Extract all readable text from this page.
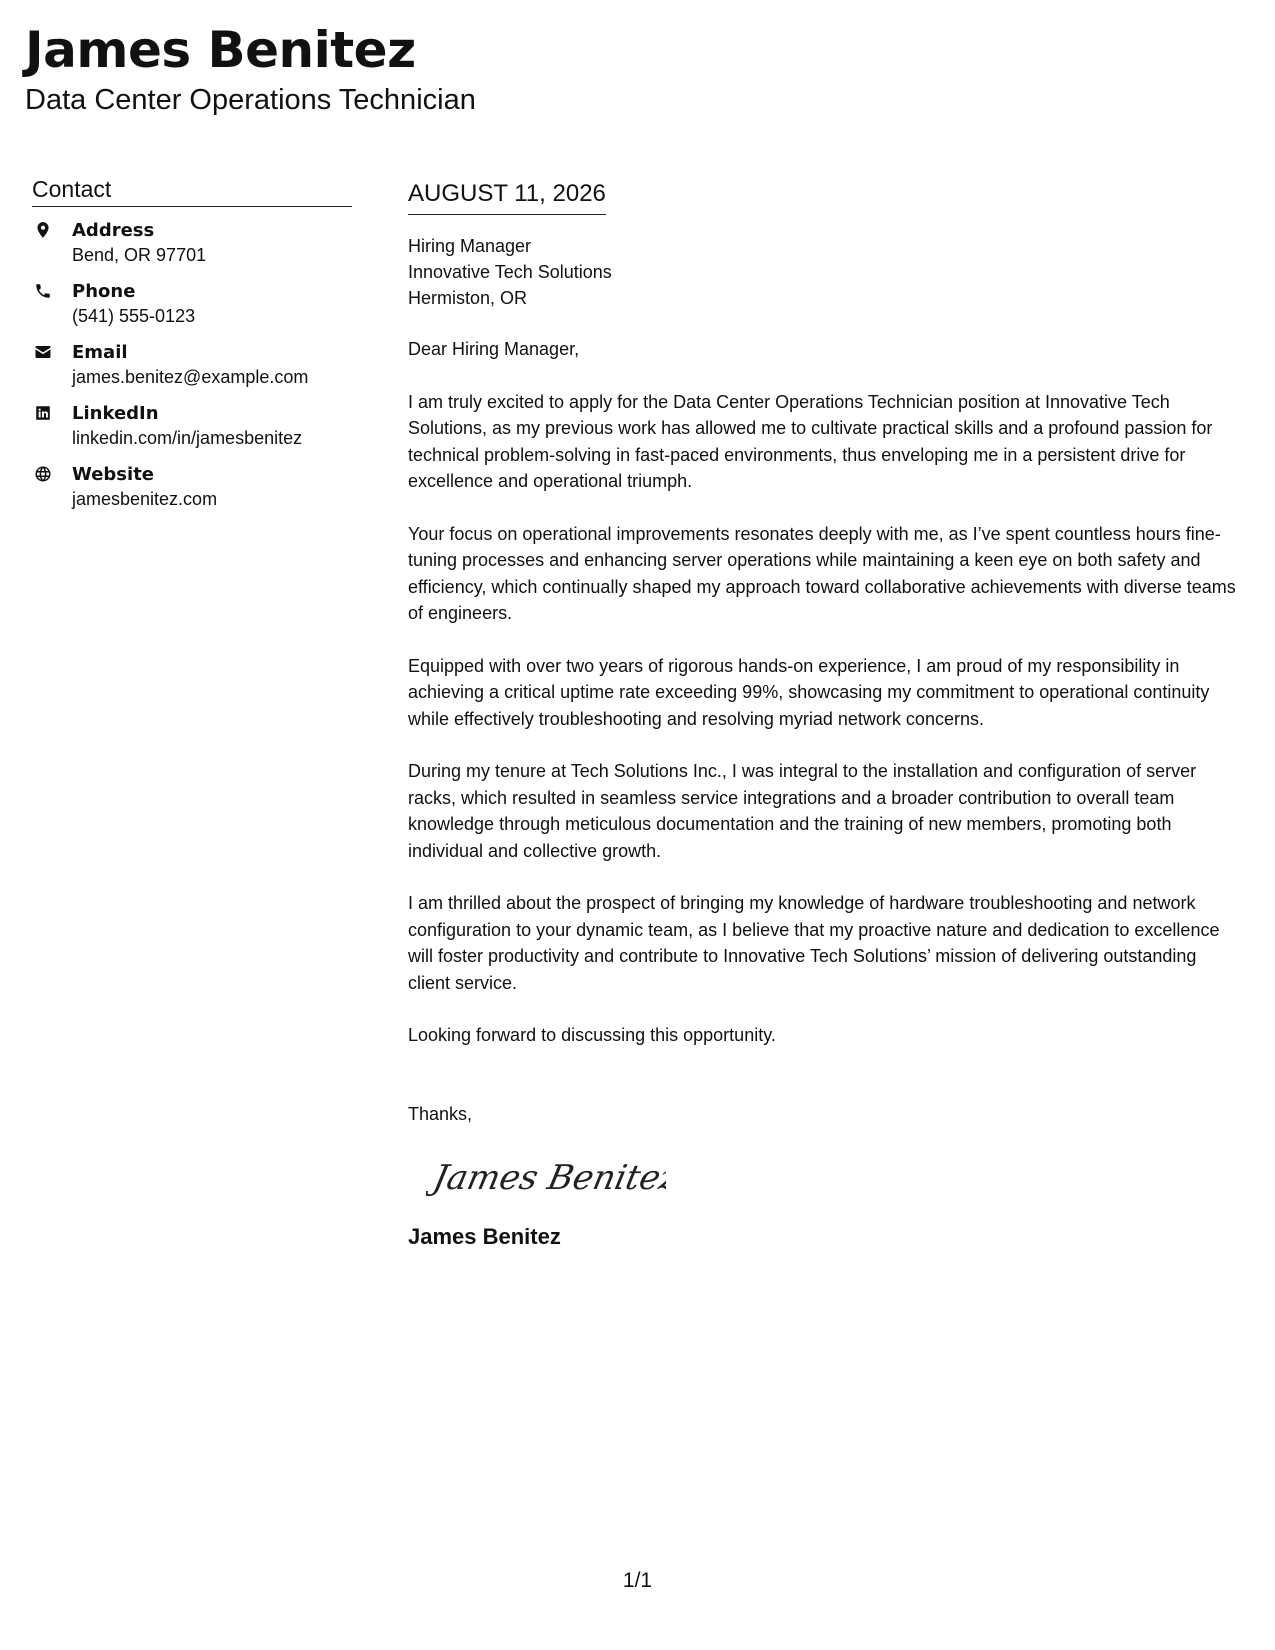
James Benitez
Data Center Operations Technician
Contact
Address
Bend, OR 97701
Phone
(541) 555-0123
Email
james.benitez@example.com
LinkedIn
linkedin.com/in/jamesbenitez
Website
jamesbenitez.com
AUGUST 11, 2026
Hiring Manager
Innovative Tech Solutions
Hermiston, OR
Dear Hiring Manager,
I am truly excited to apply for the Data Center Operations Technician position at Innovative Tech Solutions, as my previous work has allowed me to cultivate practical skills and a profound passion for technical problem-solving in fast-paced environments, thus enveloping me in a persistent drive for excellence and operational triumph.
Your focus on operational improvements resonates deeply with me, as I’ve spent countless hours fine-tuning processes and enhancing server operations while maintaining a keen eye on both safety and efficiency, which continually shaped my approach toward collaborative achievements with diverse teams of engineers.
Equipped with over two years of rigorous hands-on experience, I am proud of my responsibility in achieving a critical uptime rate exceeding 99%, showcasing my commitment to operational continuity while effectively troubleshooting and resolving myriad network concerns.
During my tenure at Tech Solutions Inc., I was integral to the installation and configuration of server racks, which resulted in seamless service integrations and a broader contribution to overall team knowledge through meticulous documentation and the training of new members, promoting both individual and collective growth.
I am thrilled about the prospect of bringing my knowledge of hardware troubleshooting and network configuration to your dynamic team, as I believe that my proactive nature and dedication to excellence will foster productivity and contribute to Innovative Tech Solutions’ mission of delivering outstanding client service.
Looking forward to discussing this opportunity.
Thanks,
James Benitez
James Benitez
1/1
